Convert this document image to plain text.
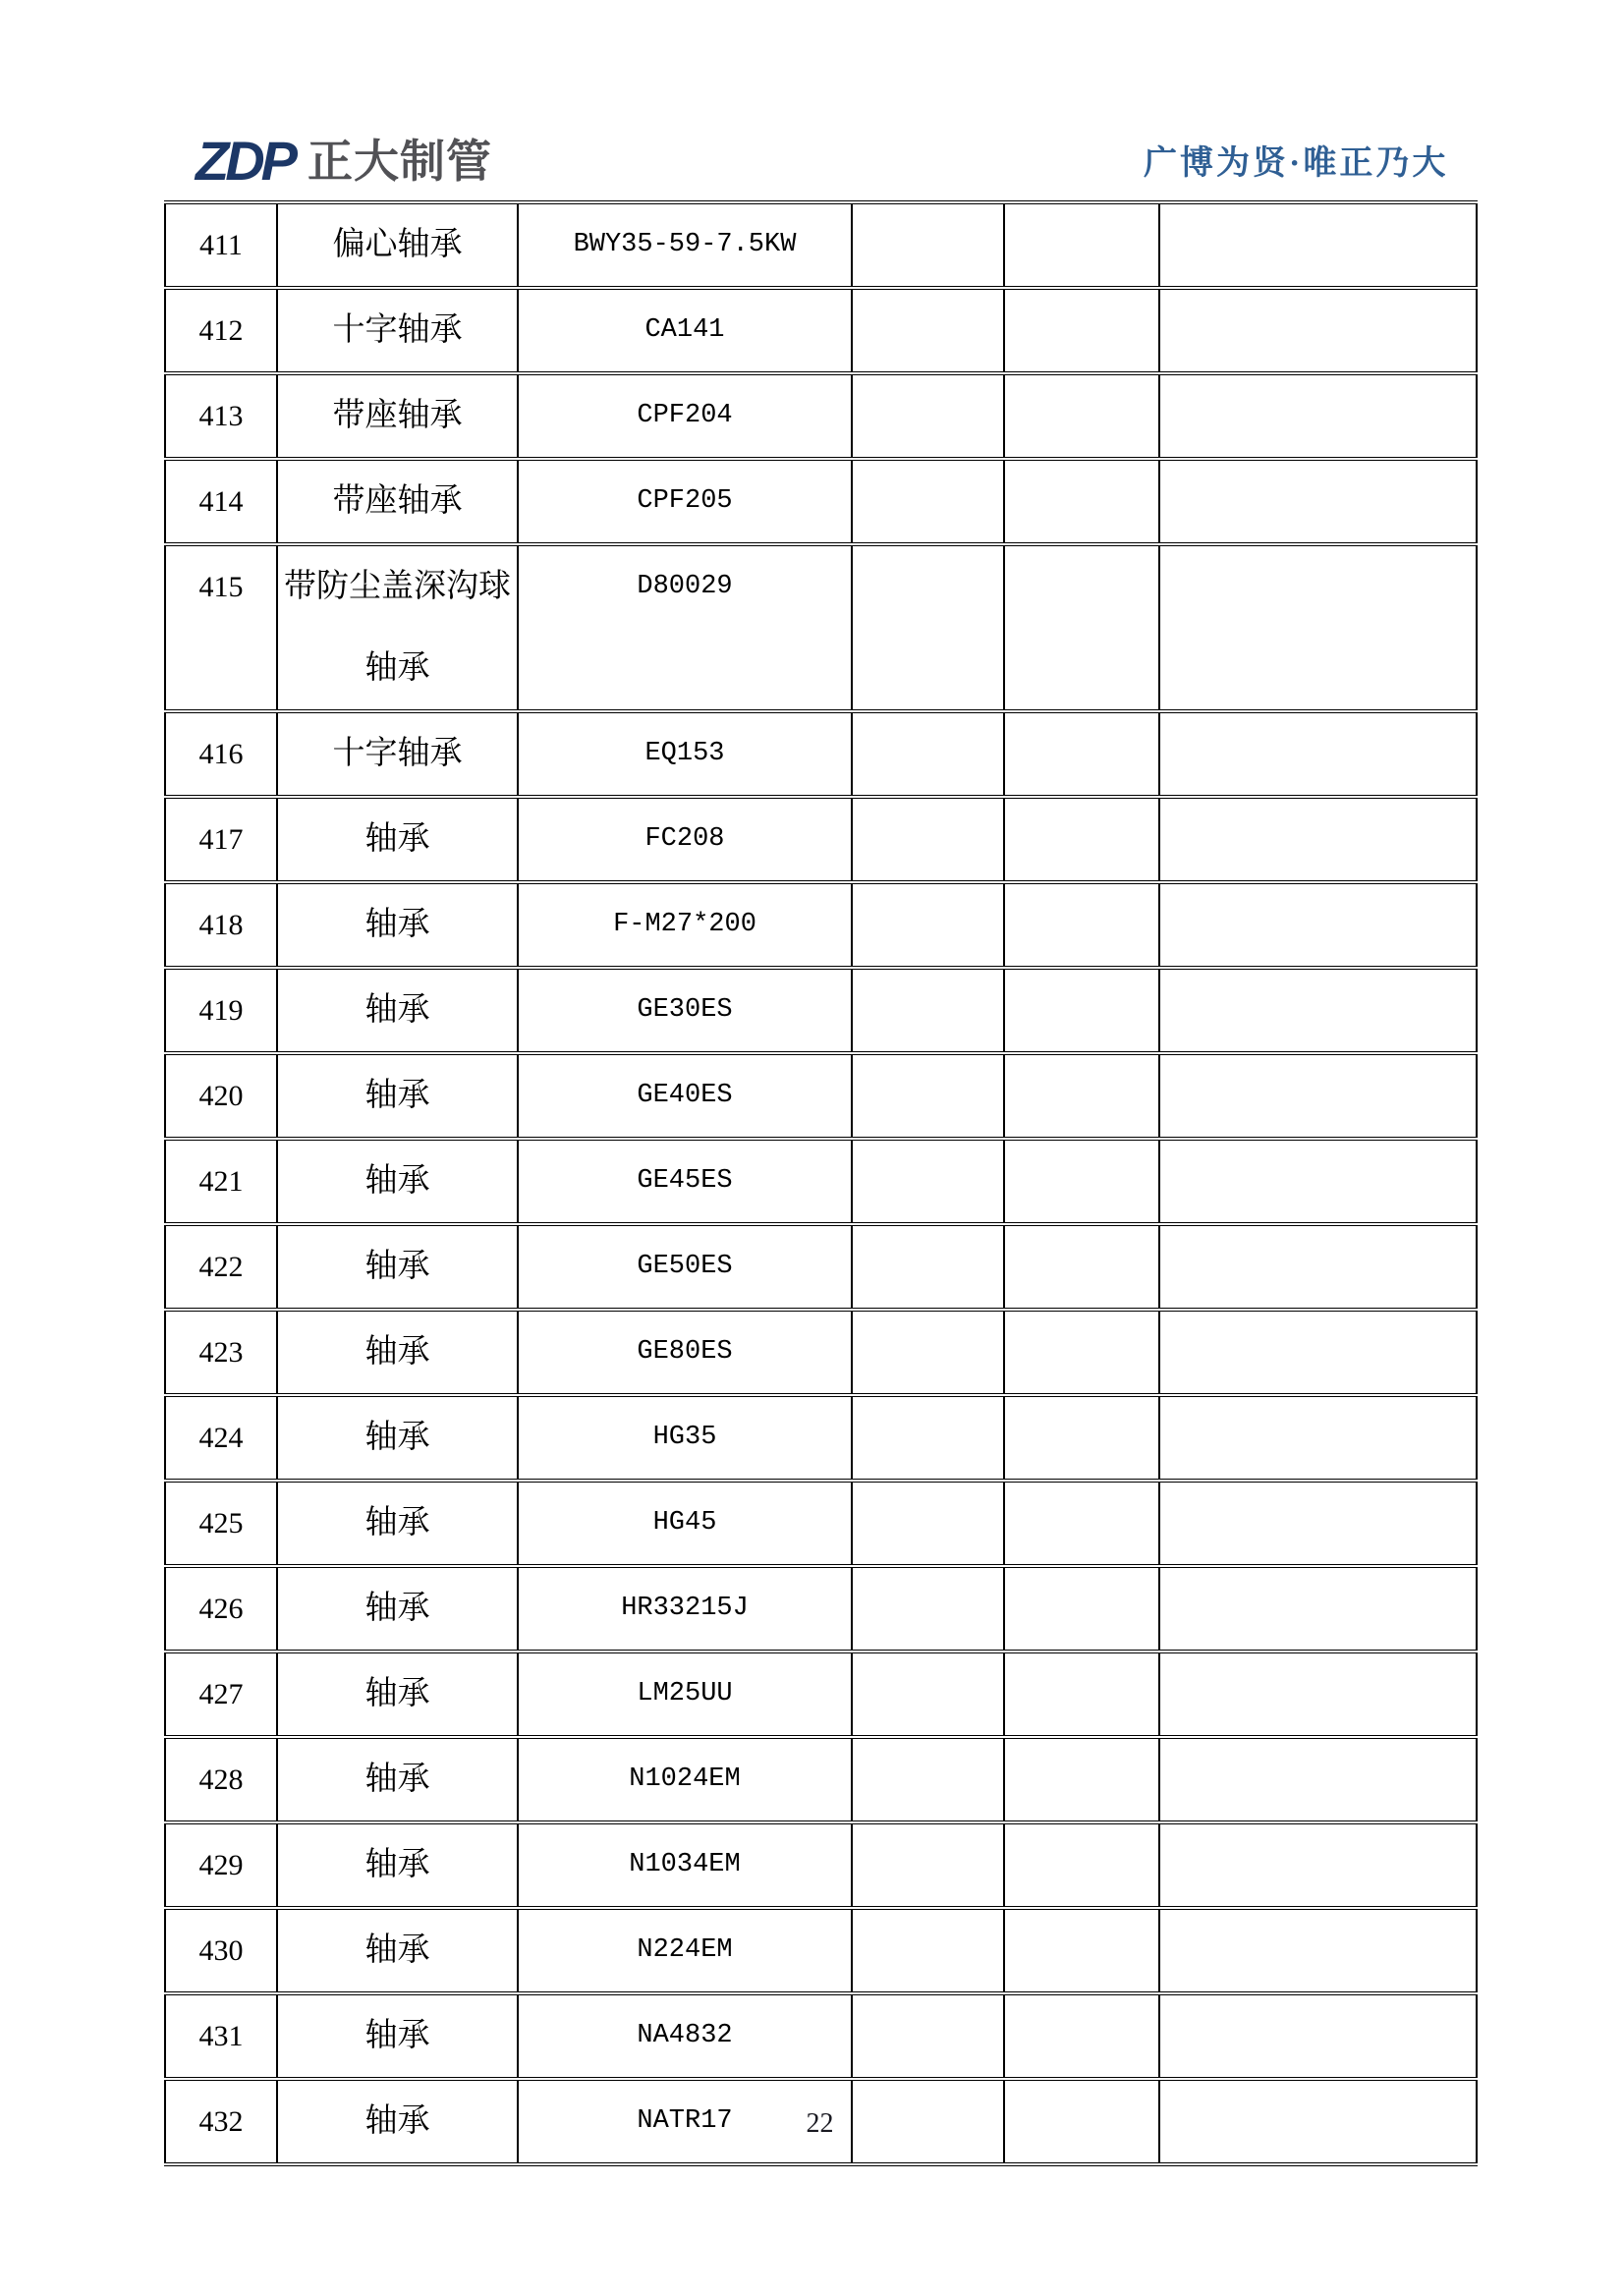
ZDP 正大制管	广博为贤·唯正乃大
411	偏心轴承	BWY35-59-7.5KW			
412	十字轴承	CA141			
413	带座轴承	CPF204			
414	带座轴承	CPF205			
415	带防尘盖深沟球轴承	D80029			
416	十字轴承	EQ153			
417	轴承	FC208			
418	轴承	F-M27*200			
419	轴承	GE30ES			
420	轴承	GE40ES			
421	轴承	GE45ES			
422	轴承	GE50ES			
423	轴承	GE80ES			
424	轴承	HG35			
425	轴承	HG45			
426	轴承	HR33215J			
427	轴承	LM25UU			
428	轴承	N1024EM			
429	轴承	N1034EM			
430	轴承	N224EM			
431	轴承	NA4832			
432	轴承	NATR17				22
